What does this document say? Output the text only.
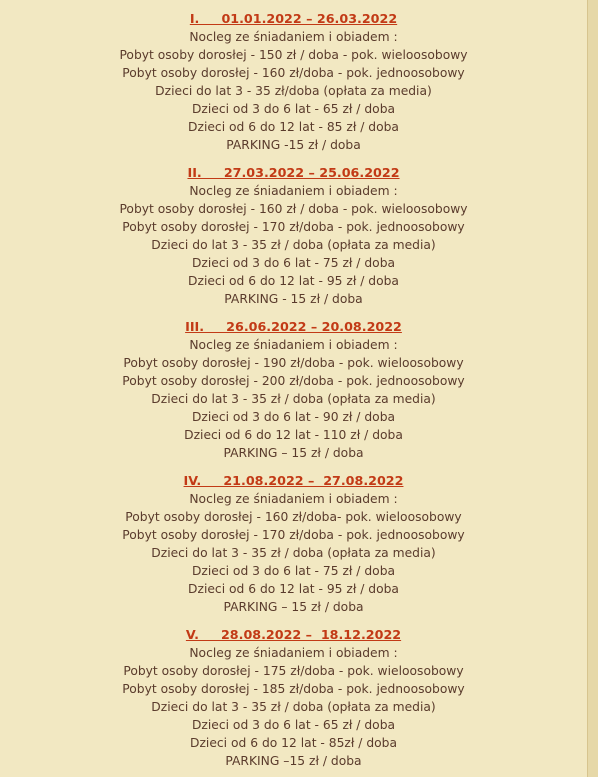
I.     01.01.2022 – 26.03.2022
Nocleg ze śniadaniem i obiadem :
Pobyt osoby dorosłej - 150 zł / doba - pok. wieloosobowy
Pobyt osoby dorosłej - 160 zł/doba - pok. jednoosobowy
Dzieci do lat 3 - 35 zł/doba (opłata za media)
Dzieci od 3 do 6 lat - 65 zł / doba
Dzieci od 6 do 12 lat - 85 zł / doba
PARKING -15 zł / doba
II.     27.03.2022 – 25.06.2022
Nocleg ze śniadaniem i obiadem :
Pobyt osoby dorosłej - 160 zł / doba - pok. wieloosobowy
Pobyt osoby dorosłej - 170 zł/doba - pok. jednoosobowy
Dzieci do lat 3 - 35 zł / doba (opłata za media)
Dzieci od 3 do 6 lat - 75 zł / doba
Dzieci od 6 do 12 lat - 95 zł / doba
PARKING - 15 zł / doba
III.     26.06.2022 – 20.08.2022
Nocleg ze śniadaniem i obiadem :
Pobyt osoby dorosłej - 190 zł/doba - pok. wieloosobowy
Pobyt osoby dorosłej - 200 zł/doba - pok. jednoosobowy
Dzieci do lat 3 - 35 zł / doba (opłata za media)
Dzieci od 3 do 6 lat - 90 zł / doba
Dzieci od 6 do 12 lat - 110 zł / doba
PARKING – 15 zł / doba
IV.     21.08.2022 –  27.08.2022
Nocleg ze śniadaniem i obiadem :
Pobyt osoby dorosłej - 160 zł/doba- pok. wieloosobowy
Pobyt osoby dorosłej - 170 zł/doba - pok. jednoosobowy
Dzieci do lat 3 - 35 zł / doba (opłata za media)
Dzieci od 3 do 6 lat - 75 zł / doba
Dzieci od 6 do 12 lat - 95 zł / doba
PARKING – 15 zł / doba
V.     28.08.2022 –  18.12.2022
Nocleg ze śniadaniem i obiadem :
Pobyt osoby dorosłej - 175 zł/doba - pok. wieloosobowy
Pobyt osoby dorosłej - 185 zł/doba - pok. jednoosobowy
Dzieci do lat 3 - 35 zł / doba (opłata za media)
Dzieci od 3 do 6 lat - 65 zł / doba
Dzieci od 6 do 12 lat - 85zł / doba
PARKING –15 zł / doba
